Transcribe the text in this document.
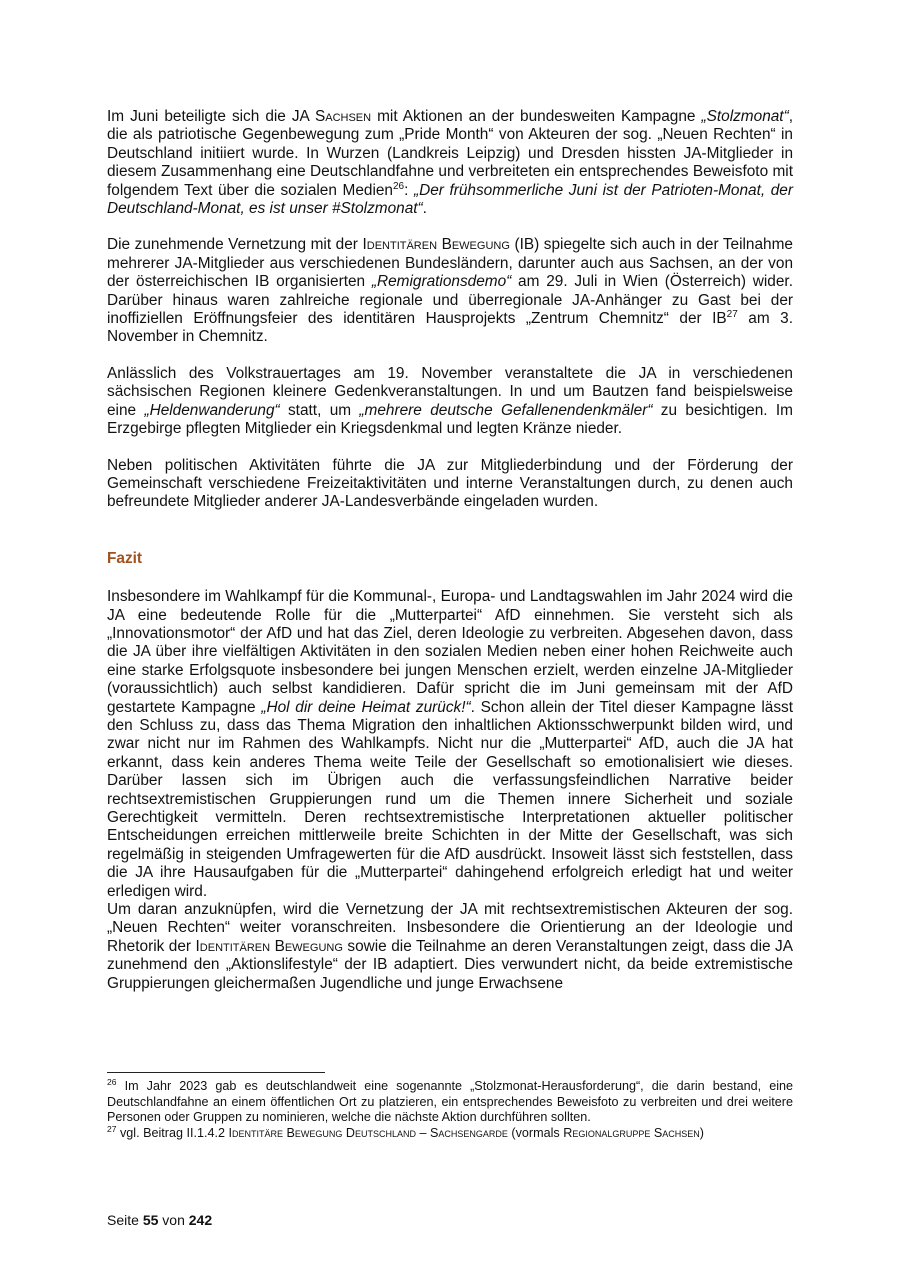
Im Juni beteiligte sich die JA Sachsen mit Aktionen an der bundesweiten Kampagne „Stolzmonat“, die als patriotische Gegenbewegung zum „Pride Month“ von Akteuren der sog. „Neuen Rechten“ in Deutschland initiiert wurde. In Wurzen (Landkreis Leipzig) und Dresden hissten JA-Mitglieder in diesem Zusammenhang eine Deutschlandfahne und verbreiteten ein entsprechendes Beweisfoto mit folgendem Text über die sozialen Medien$^{26}$: „Der frühsommerliche Juni ist der Patrioten-Monat, der Deutschland-Monat, es ist unser #Stolzmonat“.

Die zunehmende Vernetzung mit der Identitären Bewegung (IB) spiegelte sich auch in der Teilnahme mehrerer JA-Mitglieder aus verschiedenen Bundesländern, darunter auch aus Sachsen, an der von der österreichischen IB organisierten „Remigrationsdemo“ am 29. Juli in Wien (Österreich) wider. Darüber hinaus waren zahlreiche regionale und überregionale JA-Anhänger zu Gast bei der inoffiziellen Eröffnungsfeier des identitären Hausprojekts „Zentrum Chemnitz“ der IB$^{27}$ am 3. November in Chemnitz.

Anlässlich des Volkstrauertages am 19. November veranstaltete die JA in verschiedenen sächsischen Regionen kleinere Gedenkveranstaltungen. In und um Bautzen fand beispielsweise eine „Heldenwanderung“ statt, um „mehrere deutsche Gefallenendenkmäler“ zu besichtigen. Im Erzgebirge pflegten Mitglieder ein Kriegsdenkmal und legten Kränze nieder.

Neben politischen Aktivitäten führte die JA zur Mitgliederbindung und der Förderung der Gemeinschaft verschiedene Freizeitaktivitäten und interne Veranstaltungen durch, zu denen auch befreundete Mitglieder anderer JA-Landesverbände eingeladen wurden.

Fazit

Insbesondere im Wahlkampf für die Kommunal-, Europa- und Landtagswahlen im Jahr 2024 wird die JA eine bedeutende Rolle für die „Mutterpartei“ AfD einnehmen. Sie versteht sich als „Innovationsmotor“ der AfD und hat das Ziel, deren Ideologie zu verbreiten. Abgesehen davon, dass die JA über ihre vielfältigen Aktivitäten in den sozialen Medien neben einer hohen Reichweite auch eine starke Erfolgsquote insbesondere bei jungen Menschen erzielt, werden einzelne JA-Mitglieder (voraussichtlich) auch selbst kandidieren. Dafür spricht die im Juni gemeinsam mit der AfD gestartete Kampagne „Hol dir deine Heimat zurück!“. Schon allein der Titel dieser Kampagne lässt den Schluss zu, dass das Thema Migration den inhaltlichen Aktionsschwerpunkt bilden wird, und zwar nicht nur im Rahmen des Wahlkampfs. Nicht nur die „Mutterpartei“ AfD, auch die JA hat erkannt, dass kein anderes Thema weite Teile der Gesellschaft so emotionalisiert wie dieses. Darüber lassen sich im Übrigen auch die verfassungsfeindlichen Narrative beider rechtsextremistischen Gruppierungen rund um die Themen innere Sicherheit und soziale Gerechtigkeit vermitteln. Deren rechtsextremistische Interpretationen aktueller politischer Entscheidungen erreichen mittlerweile breite Schichten in der Mitte der Gesellschaft, was sich regelmäßig in steigenden Umfragewerten für die AfD ausdrückt. Insoweit lässt sich feststellen, dass die JA ihre Hausaufgaben für die „Mutterpartei“ dahingehend erfolgreich erledigt hat und weiter erledigen wird.

Um daran anzuknüpfen, wird die Vernetzung der JA mit rechtsextremistischen Akteuren der sog. „Neuen Rechten“ weiter voranschreiten. Insbesondere die Orientierung an der Ideologie und Rhetorik der Identitären Bewegung sowie die Teilnahme an deren Veranstaltungen zeigt, dass die JA zunehmend den „Aktionslifestyle“ der IB adaptiert. Dies verwundert nicht, da beide extremistische Gruppierungen gleichermaßen Jugendliche und junge Erwachsene

$^{26}$ Im Jahr 2023 gab es deutschlandweit eine sogenannte „Stolzmonat-Herausforderung“, die darin bestand, eine Deutschlandfahne an einem öffentlichen Ort zu platzieren, ein entsprechendes Beweisfoto zu verbreiten und drei weitere Personen oder Gruppen zu nominieren, welche die nächste Aktion durchführen sollten.

$^{27}$ vgl. Beitrag II.1.4.2 Identitäre Bewegung Deutschland – Sachsengarde (vormals Regionalgruppe Sachsen)

Seite 55 von 242
